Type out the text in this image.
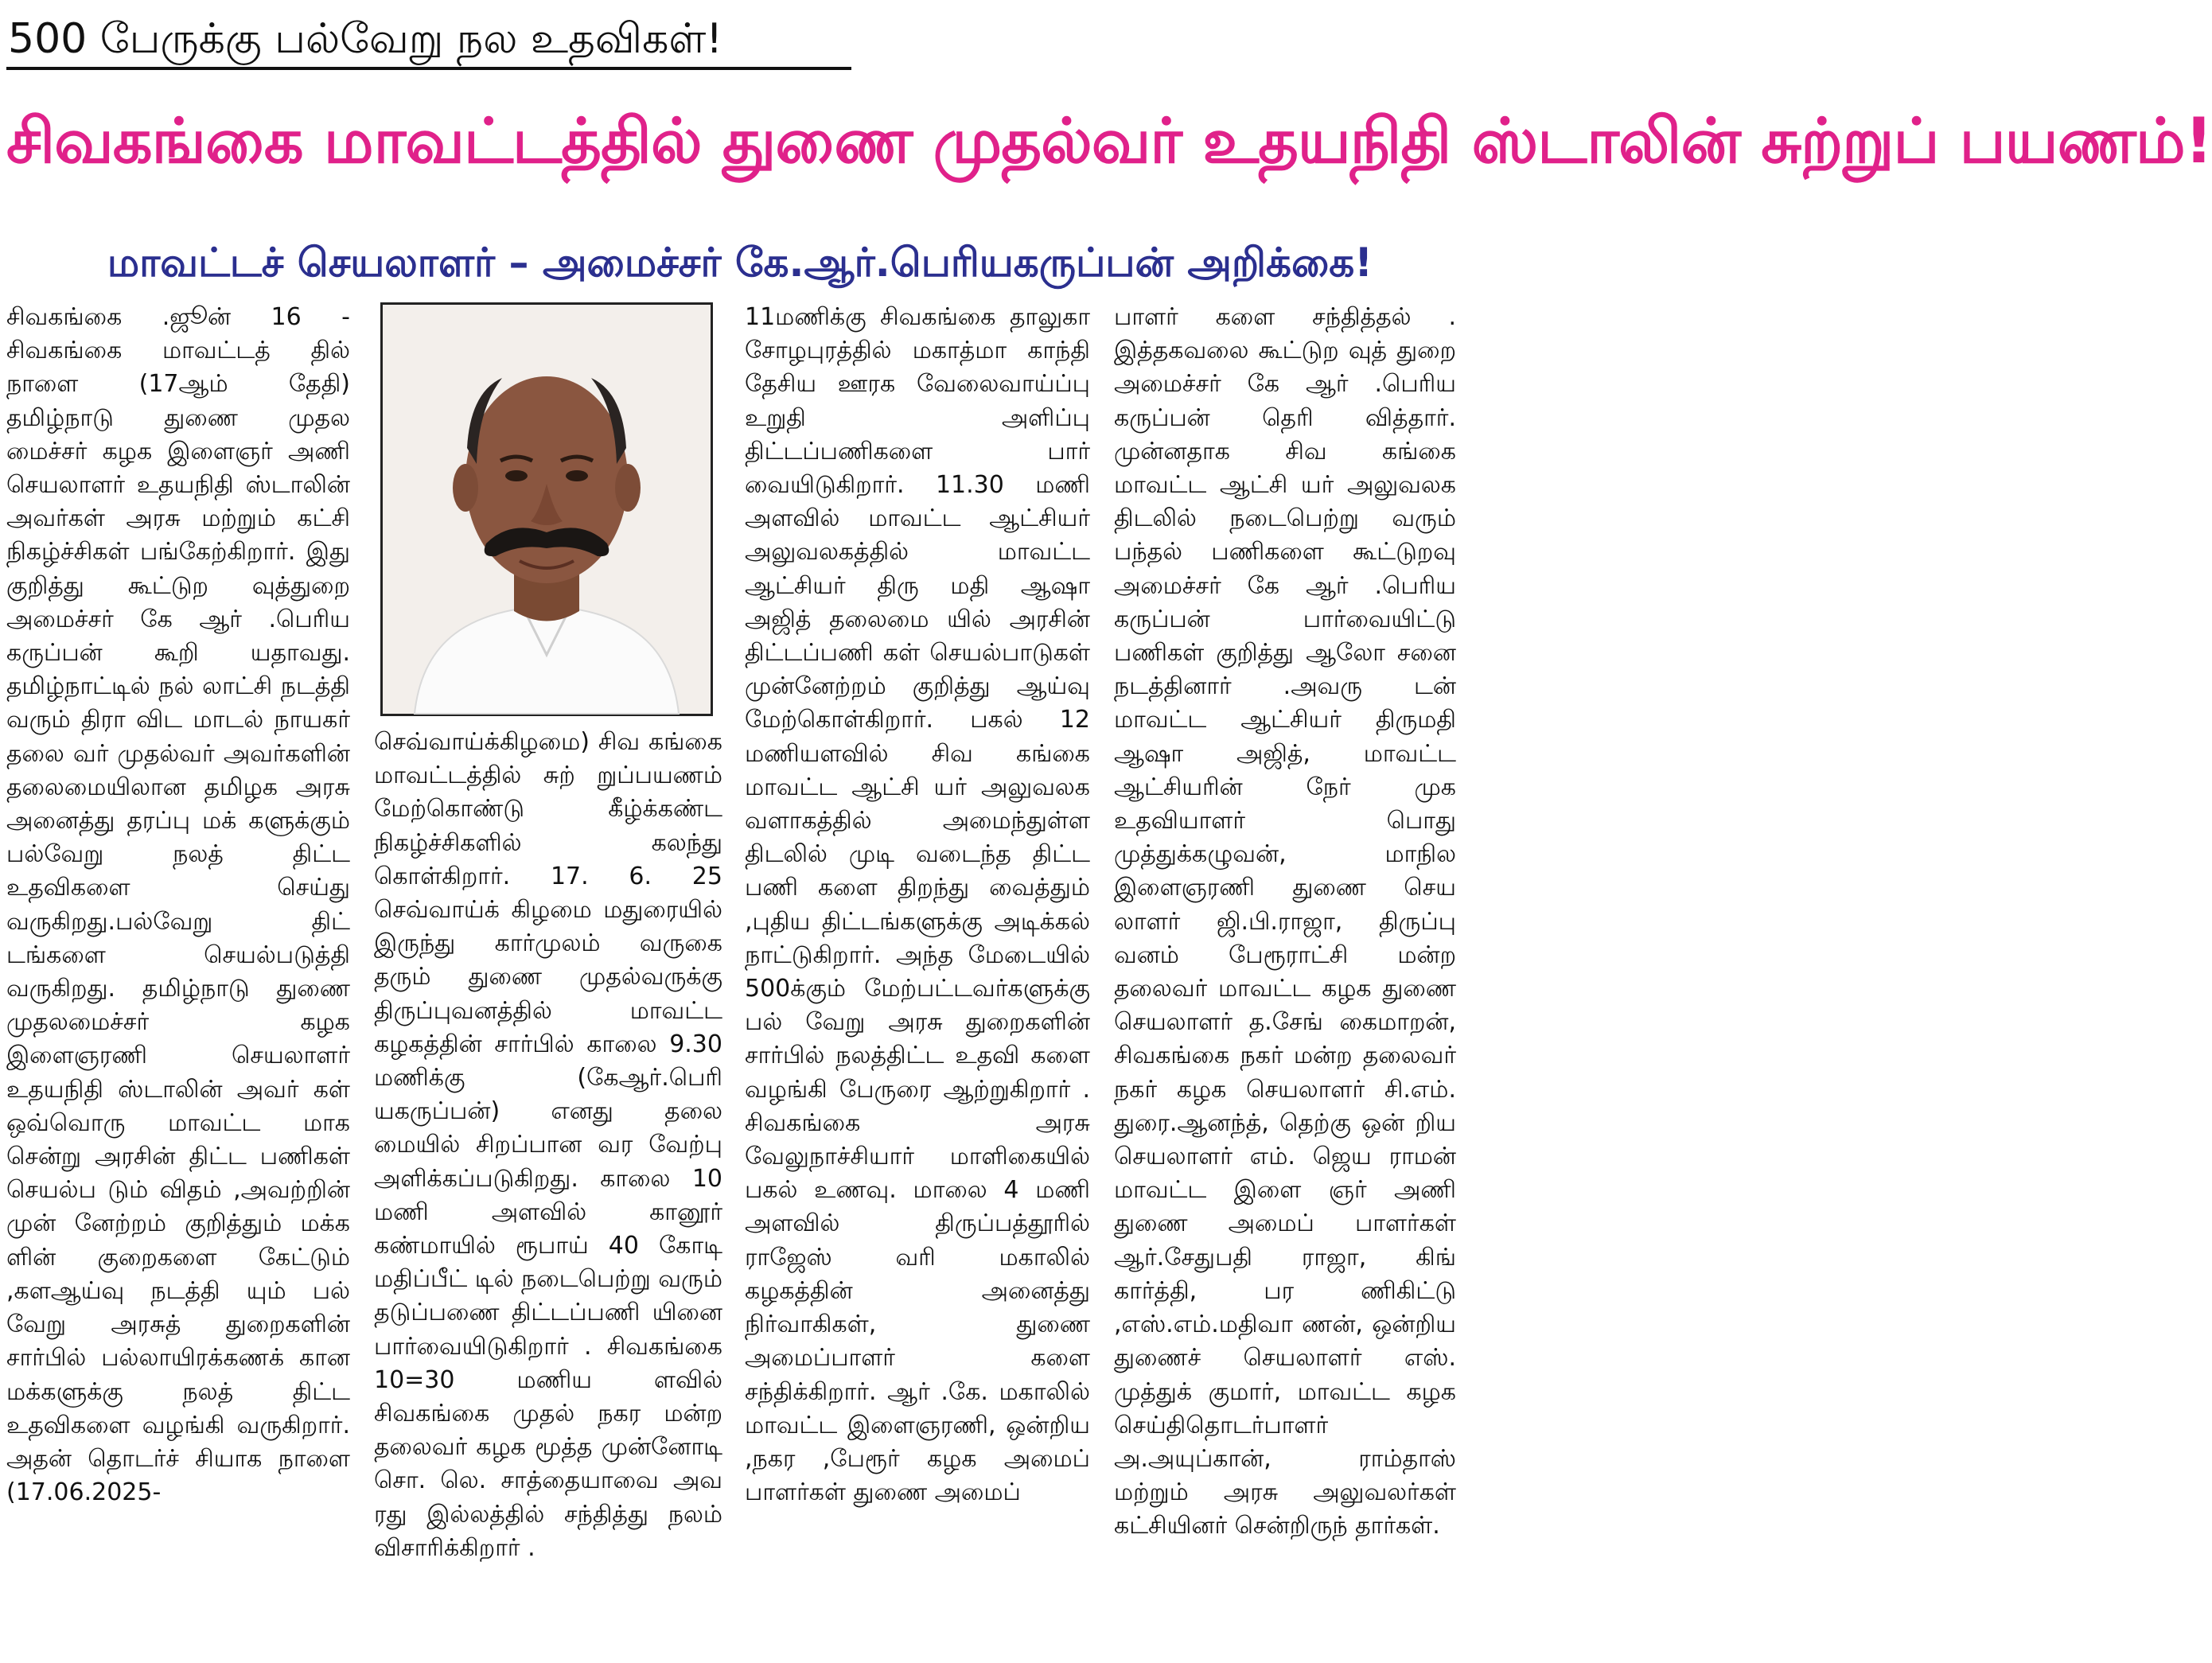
500 பேருக்கு பல்வேறு நல உதவிகள்!
சிவகங்கை மாவட்டத்தில் துணை முதல்வர் உதயநிதி ஸ்டாலின் சுற்றுப் பயணம்!
மாவட்டச் செயலாளர் – அமைச்சர் கே.ஆர்.பெரியகருப்பன் அறிக்கை!

சிவகங்கை .ஜூன் 16 - சிவகங்கை மாவட்டத் தில் நாளை (17ஆம் தேதி) தமிழ்நாடு துணை முதல மைச்சர் கழக இளைஞர் அணி செயலாளர் உதயநிதி ஸ்டாலின் அவர்கள் அரசு மற்றும் கட்சி நிகழ்ச்சிகள் பங்கேற்கிறார். இது குறித்து கூட்டுற வுத்துறை அமைச்சர் கே ஆர் .பெரிய கருப்பன் கூறி யதாவது. தமிழ்நாட்டில் நல் லாட்சி நடத்தி வரும் திரா விட மாடல் நாயகர் தலை வர் முதல்வர் அவர்களின் தலைமையிலான தமிழக அரசு அனைத்து தரப்பு மக் களுக்கும் பல்வேறு நலத் திட்ட உதவிகளை செய்து வருகிறது.பல்வேறு திட் டங்களை செயல்படுத்தி வருகிறது. தமிழ்நாடு துணை முதலமைச்சர் கழக இளைஞரணி செயலாளர் உதயநிதி ஸ்டாலின் அவர் கள் ஒவ்வொரு மாவட்ட மாக சென்று அரசின் திட்ட பணிகள் செயல்ப டும் விதம் ,அவற்றின் முன் னேற்றம் குறித்தும் மக்க ளின் குறைகளை கேட்டும் ,களஆய்வு நடத்தி யும் பல் வேறு அரசுத் துறைகளின் சார்பில் பல்லாயிரக்கணக் கான மக்களுக்கு நலத் திட்ட உதவிகளை வழங்கி வருகிறார். அதன் தொடர்ச் சியாக நாளை (17.06.2025-

செவ்வாய்க்கிழமை) சிவ கங்கை மாவட்டத்தில் சுற் றுப்பயணம் மேற்கொண்டு கீழ்க்கண்ட நிகழ்ச்சிகளில் கலந்து கொள்கிறார். 17. 6. 25 செவ்வாய்க் கிழமை மதுரையில் இருந்து கார்முலம் வருகை தரும் துணை முதல்வருக்கு திருப்புவனத்தில் மாவட்ட கழகத்தின் சார்பில் காலை 9.30 மணிக்கு (கேஆர்.பெரி யகருப்பன்) எனது தலை மையில் சிறப்பான வர வேற்பு அளிக்கப்படுகிறது. காலை 10 மணி அளவில் கானூர் கண்மாயில் ரூபாய் 40 கோடி மதிப்பீட் டில் நடைபெற்று வரும் தடுப்பணை திட்டப்பணி யினை பார்வையிடுகிறார் . சிவகங்கை 10=30 மணிய ளவில் சிவகங்கை முதல் நகர மன்ற தலைவர் கழக மூத்த முன்னோடி சொ. லெ. சாத்தையாவை அவ ரது இல்லத்தில் சந்தித்து நலம் விசாரிக்கிறார் .

11மணிக்கு சிவகங்கை தாலுகா சோழபுரத்தில் மகாத்மா காந்தி தேசிய ஊரக வேலைவாய்ப்பு உறுதி அளிப்பு திட்டப்பணிகளை பார் வையிடுகிறார். 11.30 மணி அளவில் மாவட்ட ஆட்சியர் அலுவலகத்தில் மாவட்ட ஆட்சியர் திரு மதி ஆஷா அஜித் தலைமை யில் அரசின் திட்டப்பணி கள் செயல்பாடுகள் முன்னேற்றம் குறித்து ஆய்வு மேற்கொள்கிறார். பகல் 12 மணியளவில் சிவ கங்கை மாவட்ட ஆட்சி யர் அலுவலக வளாகத்தில் அமைந்துள்ள திடலில் முடி வடைந்த திட்ட பணி களை திறந்து வைத்தும் ,புதிய திட்டங்களுக்கு அடிக்கல் நாட்டுகிறார். அந்த மேடையில் 500க்கும் மேற்பட்டவர்களுக்கு பல் வேறு அரசு துறைகளின் சார்பில் நலத்திட்ட உதவி களை வழங்கி பேருரை ஆற்றுகிறார் . சிவகங்கை அரசு வேலுநாச்சியார் மாளிகையில் பகல் உணவு. மாலை 4 மணி அளவில் திருப்பத்தூரில் ராஜேஸ் வரி மகாலில் கழகத்தின் அனைத்து நிர்வாகிகள், துணை அமைப்பாளர் களை சந்திக்கிறார். ஆர் .கே. மகாலில் மாவட்ட இளைஞரணி, ஒன்றிய ,நகர ,பேரூர் கழக அமைப் பாளர்கள் துணை அமைப்

பாளர் களை சந்தித்தல் . இத்தகவலை கூட்டுற வுத் துறை அமைச்சர் கே ஆர் .பெரிய கருப்பன் தெரி வித்தார். முன்னதாக சிவ கங்கை மாவட்ட ஆட்சி யர் அலுவலக திடலில் நடைபெற்று வரும் பந்தல் பணிகளை கூட்டுறவு அமைச்சர் கே ஆர் .பெரிய கருப்பன் பார்வையிட்டு பணிகள் குறித்து ஆலோ சனை நடத்தினார் .அவரு டன் மாவட்ட ஆட்சியர் திருமதி ஆஷா அஜித், மாவட்ட ஆட்சியரின் நேர் முக உதவியாளர் பொது முத்துக்கழுவன், மாநில இளைஞரணி துணை செய லாளர் ஜி.பி.ராஜா, திருப்பு வனம் பேரூராட்சி மன்ற தலைவர் மாவட்ட கழக துணை செயலாளர் த.சேங் கைமாறன், சிவகங்கை நகர் மன்ற தலைவர் நகர் கழக செயலாளர் சி.எம். துரை.ஆனந்த், தெற்கு ஒன் றிய செயலாளர் எம். ஜெய ராமன் மாவட்ட இளை ஞர் அணி துணை அமைப் பாளர்கள் ஆர்.சேதுபதி ராஜா, கிங் கார்த்தி, பர ணிகிட்டு ,எஸ்.எம்.மதிவா ணன், ஒன்றிய துணைச் செயலாளர் எஸ். முத்துக் குமார், மாவட்ட கழக செய்திதொடர்பாளர் அ.அயுப்கான், ராம்தாஸ் மற்றும் அரசு அலுவலர்கள் கட்சியினர் சென்றிருந் தார்கள்.
